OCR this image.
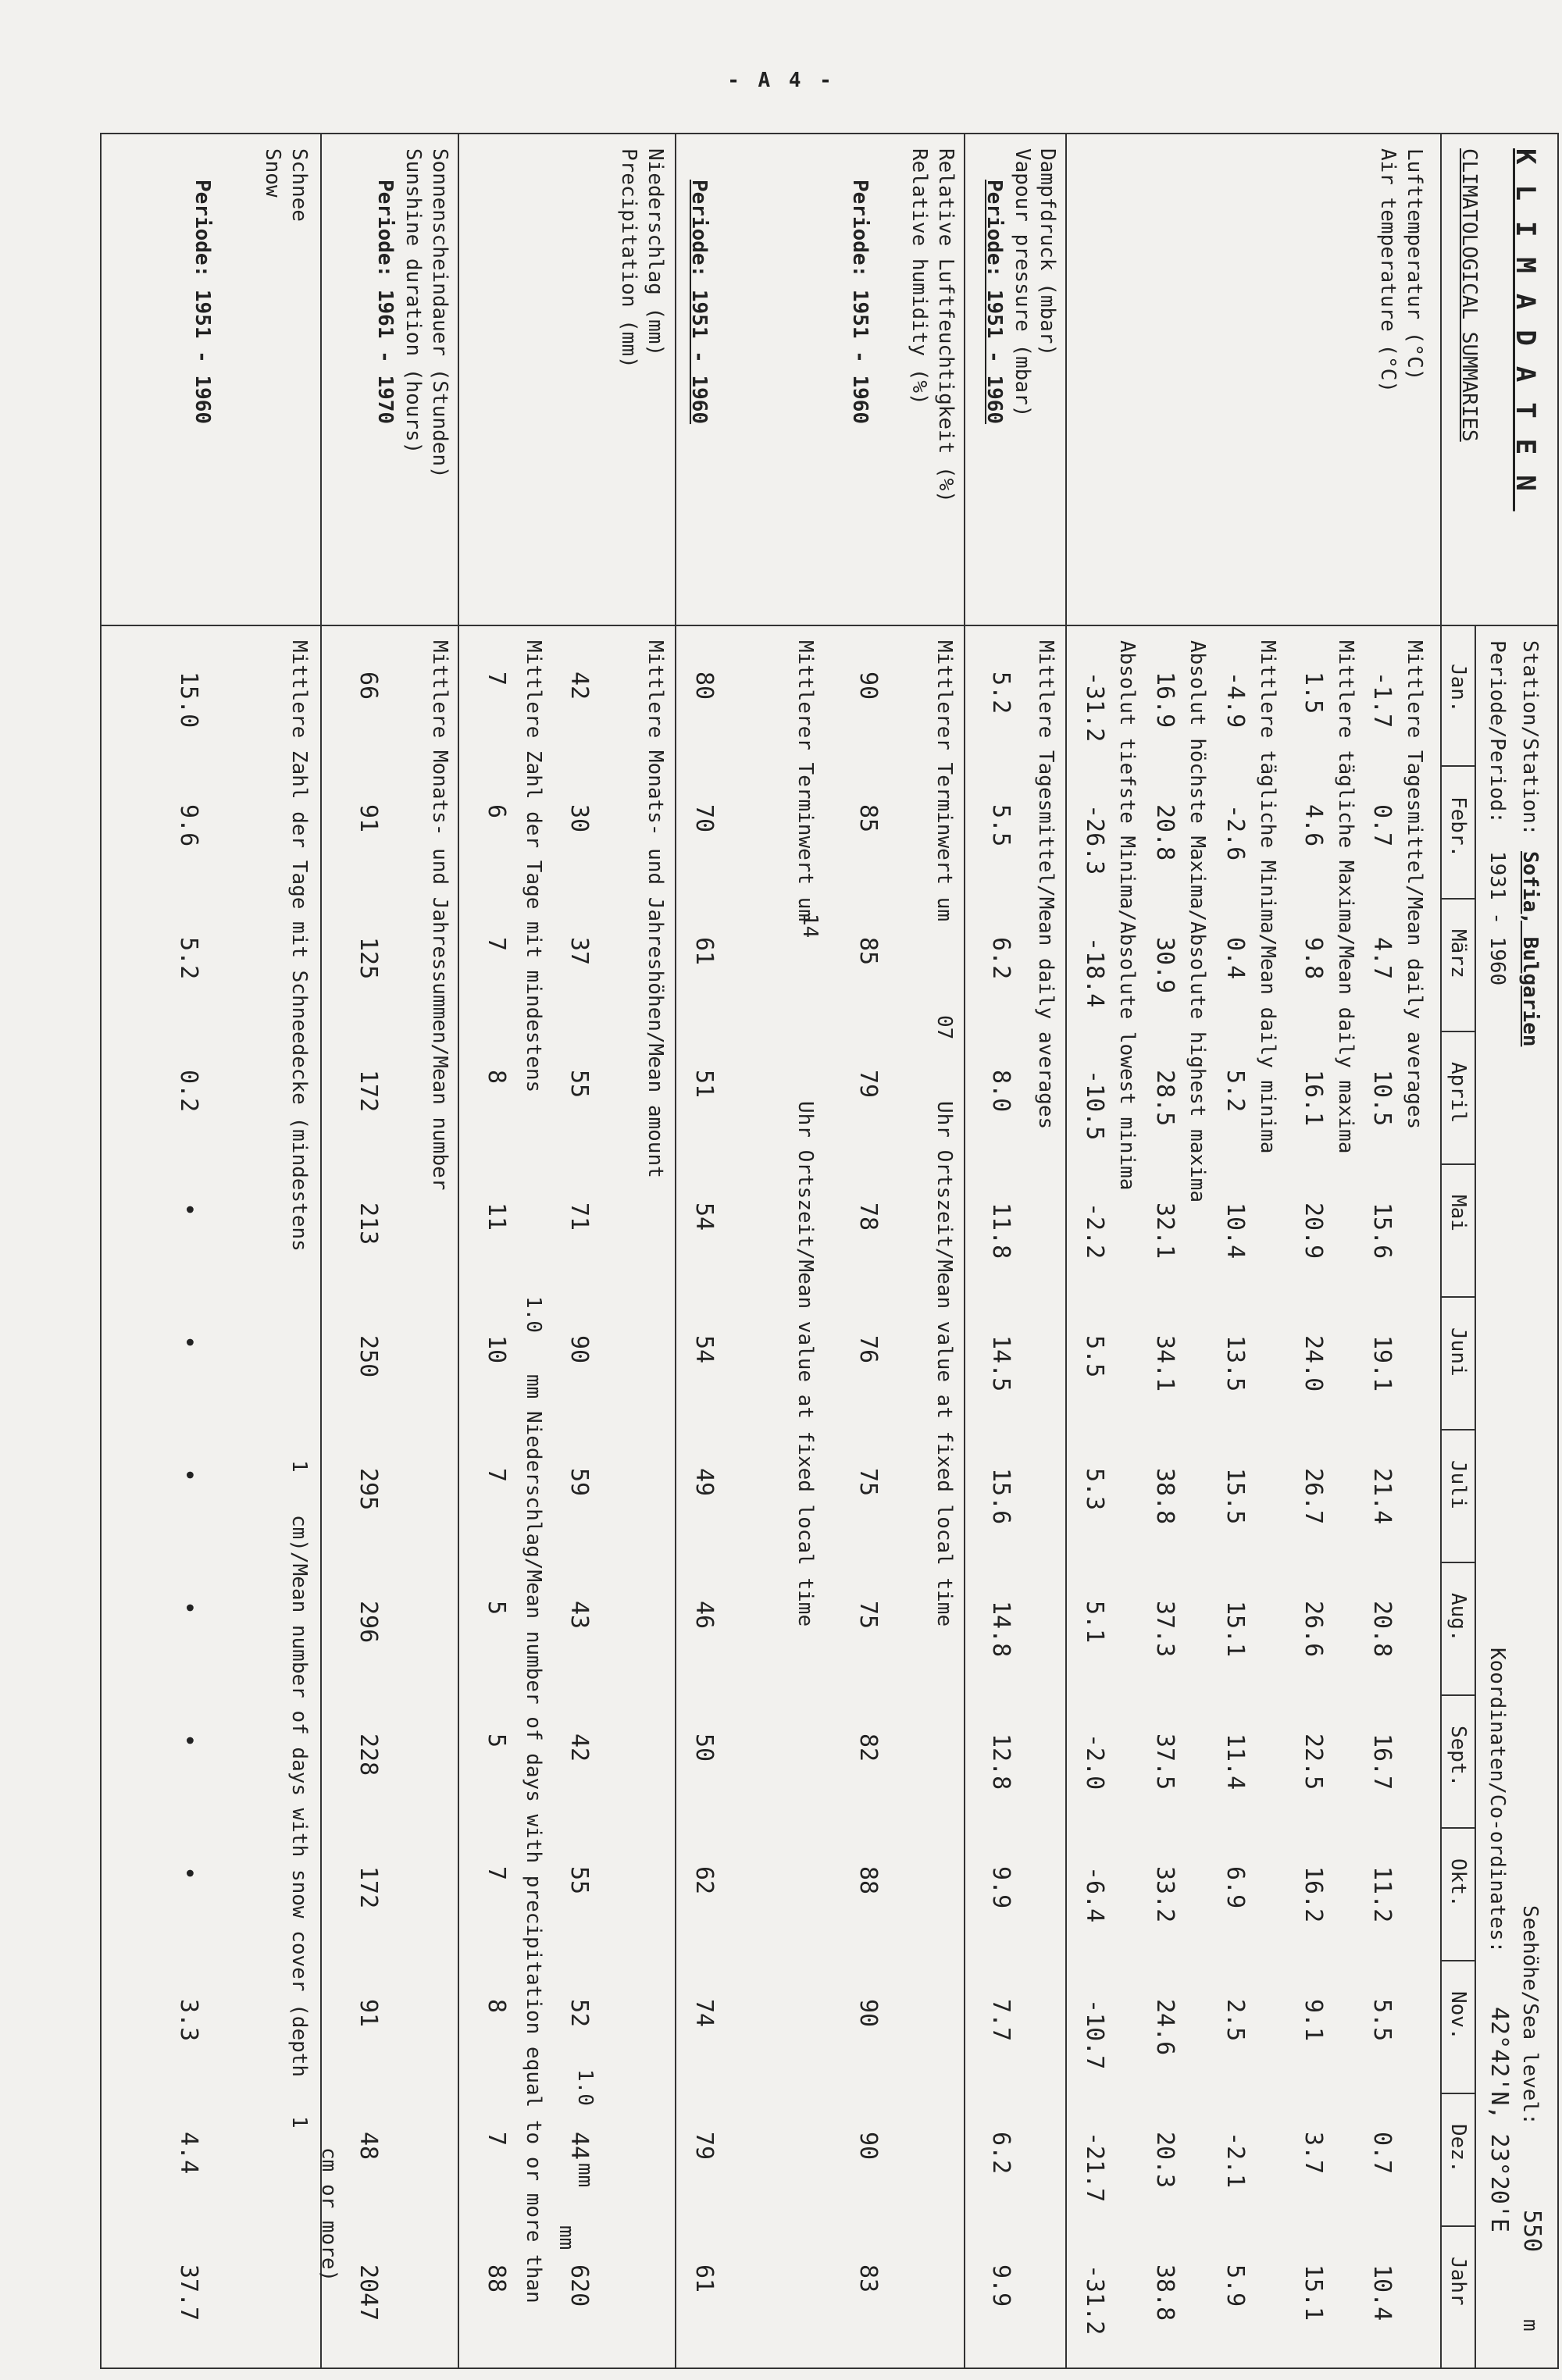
- A 4 -
KLIMADATEN
CLIMATOLOGICAL SUMMARIES
Station/Station:
Sofia, Bulgarien
Periode/Period:
1931 - 1960
Seehöhe/Sea level:
550
m
Koordinaten/Co-ordinates:
42°42'N, 23°20'E
Jan.
Febr.
März
April
Mai
Juni
Juli
Aug.
Sept.
Okt.
Nov.
Dez.
Jahr
Lufttemperatur (°C)
Air temperature (°C)
Dampfdruck (mbar)
Vapour pressure (mbar)
Periode: 1951 - 1960
Relative Luftfeuchtigkeit (%)
Relative humidity (%)
Periode: 1951 - 1960
Periode: 1951 - 1960
Niederschlag (mm)
Precipitation (mm)
Sonnenscheindauer (Stunden)
Sunshine duration (hours)
Periode: 1961 - 1970
Schnee
Snow
Periode: 1951 - 1960
Mittlere Tagesmittel/Mean daily averages
Mittlere tägliche Maxima/Mean daily maxima
Mittlere tägliche Minima/Mean daily minima
Absolut höchste Maxima/Absolute highest maxima
Absolut tiefste Minima/Absolute lowest minima
Mittlere Tagesmittel/Mean daily averages
Mittlerer Terminwert um
07
Uhr Ortszeit/Mean value at fixed local time
Mittlerer Terminwert um
14
Uhr Ortszeit/Mean value at fixed local time
Mittlere Monats- und Jahreshöhen/Mean amount
mm
Mittlere Zahl der Tage mit mindestens
1.0
mm Niederschlag/Mean number of days with precipitation equal to or more than 1.0
mm
Mittlere Monats- und Jahressummen/Mean number
Mittlere Zahl der Tage mit Schneedecke (mindestens
1
cm)/Mean number of days with snow cover (depth
1
cm or more)
-1.7
0.7
4.7
10.5
15.6
19.1
21.4
20.8
16.7
11.2
5.5
0.7
10.4
1.5
4.6
9.8
16.1
20.9
24.0
26.7
26.6
22.5
16.2
9.1
3.7
15.1
-4.9
-2.6
0.4
5.2
10.4
13.5
15.5
15.1
11.4
6.9
2.5
-2.1
5.9
16.9
20.8
30.9
28.5
32.1
34.1
38.8
37.3
37.5
33.2
24.6
20.3
38.8
-31.2
-26.3
-18.4
-10.5
-2.2
5.5
5.3
5.1
-2.0
-6.4
-10.7
-21.7
-31.2
5.2
5.5
6.2
8.0
11.8
14.5
15.6
14.8
12.8
9.9
7.7
6.2
9.9
90
85
85
79
78
76
75
75
82
88
90
90
83
80
70
61
51
54
54
49
46
50
62
74
79
61
42
30
37
55
71
90
59
43
42
55
52
44
620
7
6
7
8
11
10
7
5
5
7
8
7
88
66
91
125
172
213
250
295
296
228
172
91
48
2047
15.0
9.6
5.2
0.2
•
•
•
•
•
•
3.3
4.4
37.7
